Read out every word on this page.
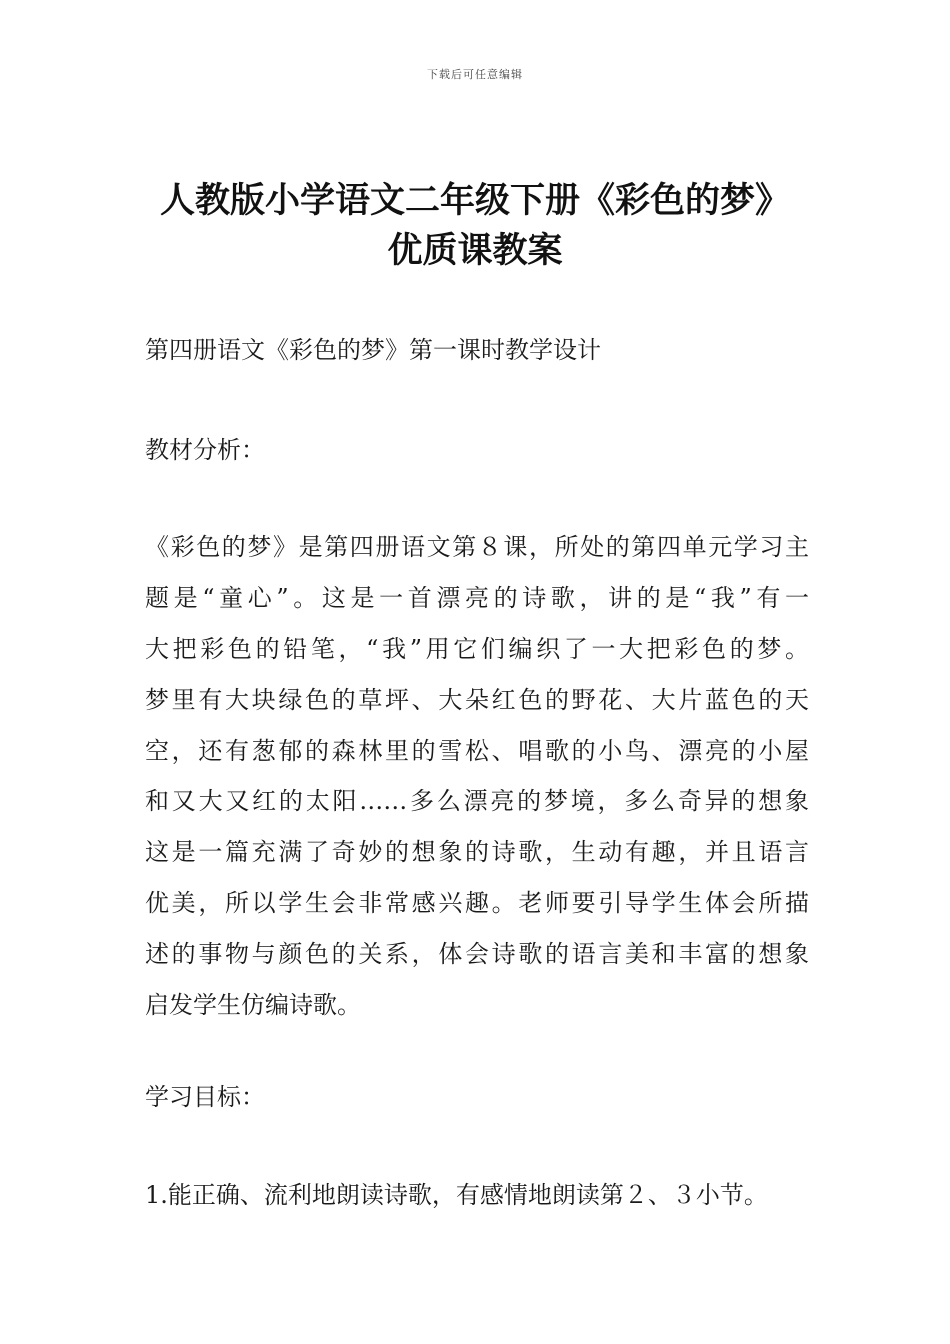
下载后可任意编辑
人教版小学语文二年级下册《彩色的梦》
优质课教案
第四册语文《彩色的梦》第一课时教学设计
教材分析：
《彩色的梦》是第四册语文第８课，所处的第四单元学习主
题是“童心”。这是一首漂亮的诗歌，讲的是“我”有一
大把彩色的铅笔，“我”用它们编织了一大把彩色的梦。
梦里有大块绿色的草坪、大朵红色的野花、大片蓝色的天
空，还有葱郁的森林里的雪松、唱歌的小鸟、漂亮的小屋
和又大又红的太阳……多么漂亮的梦境，多么奇异的想象
这是一篇充满了奇妙的想象的诗歌，生动有趣，并且语言
优美，所以学生会非常感兴趣。老师要引导学生体会所描
述的事物与颜色的关系，体会诗歌的语言美和丰富的想象
启发学生仿编诗歌。
学习目标：
1.能正确、流利地朗读诗歌，有感情地朗读第２、３小节。
